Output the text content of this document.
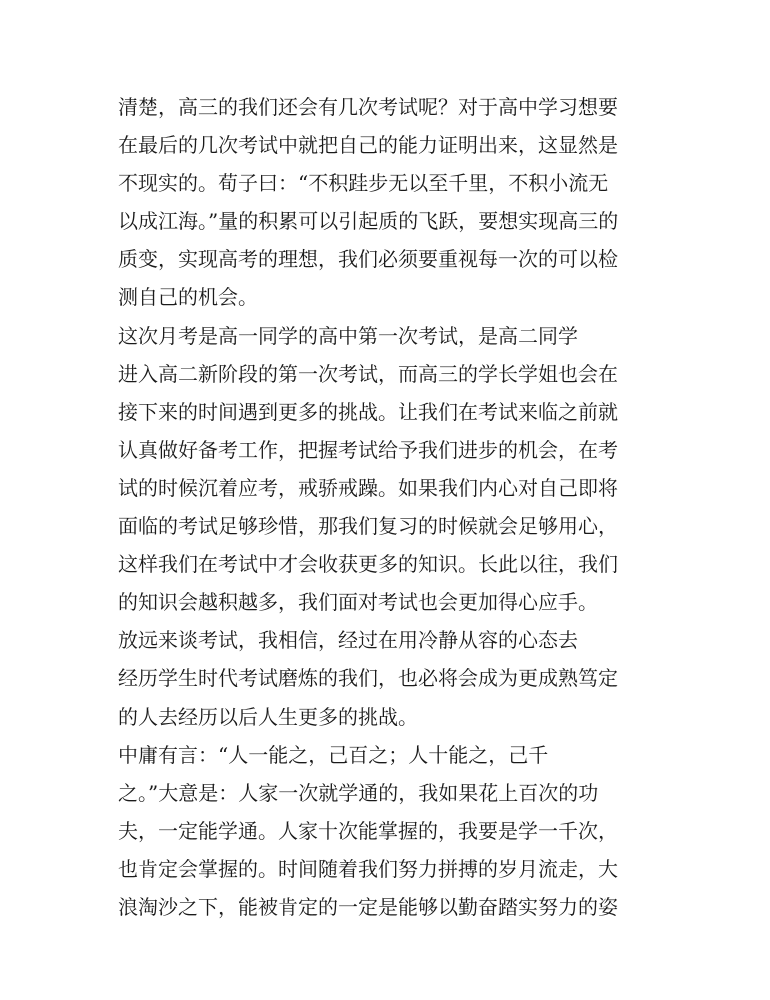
清楚，高三的我们还会有几次考试呢？对于高中学习想要

在最后的几次考试中就把自己的能力证明出来，这显然是

不现实的。荀子曰：“不积跬步无以至千里，不积小流无

以成江海。”量的积累可以引起质的飞跃，要想实现高三的

质变，实现高考的理想，我们必须要重视每一次的可以检

测自己的机会。

这次月考是高一同学的高中第一次考试，是高二同学

进入高二新阶段的第一次考试，而高三的学长学姐也会在

接下来的时间遇到更多的挑战。让我们在考试来临之前就

认真做好备考工作，把握考试给予我们进步的机会，在考

试的时候沉着应考，戒骄戒躁。如果我们内心对自己即将

面临的考试足够珍惜，那我们复习的时候就会足够用心，

这样我们在考试中才会收获更多的知识。长此以往，我们

的知识会越积越多，我们面对考试也会更加得心应手。

放远来谈考试，我相信，经过在用冷静从容的心态去

经历学生时代考试磨炼的我们，也必将会成为更成熟笃定

的人去经历以后人生更多的挑战。

中庸有言：“人一能之，己百之；人十能之，己千

之。”大意是：人家一次就学通的，我如果花上百次的功

夫，一定能学通。人家十次能掌握的，我要是学一千次，

也肯定会掌握的。时间随着我们努力拼搏的岁月流走，大

浪淘沙之下，能被肯定的一定是能够以勤奋踏实努力的姿
